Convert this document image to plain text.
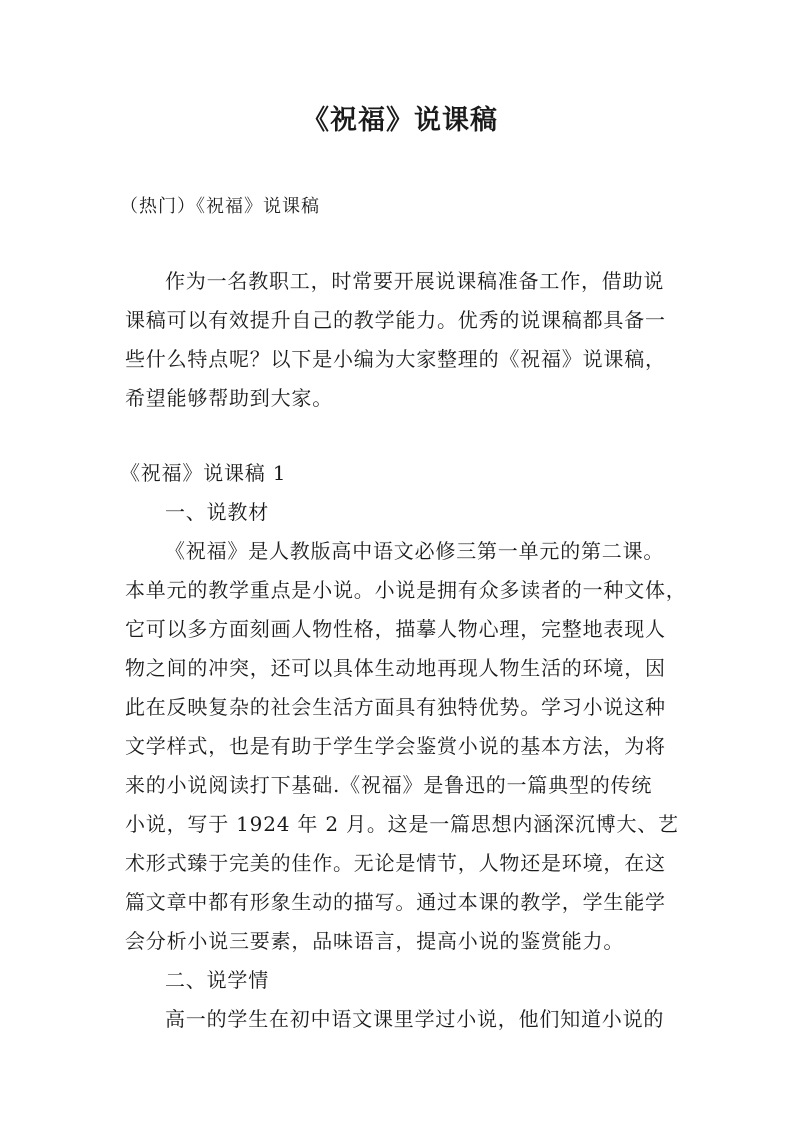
《祝福》说课稿
（热门）《祝福》说课稿
作为一名教职工，时常要开展说课稿准备工作，借助说
课稿可以有效提升自己的教学能力。优秀的说课稿都具备一
些什么特点呢？以下是小编为大家整理的《祝福》说课稿，
希望能够帮助到大家。
《祝福》说课稿 1
一、说教材
《祝福》是人教版高中语文必修三第一单元的第二课。
本单元的教学重点是小说。小说是拥有众多读者的一种文体，
它可以多方面刻画人物性格，描摹人物心理，完整地表现人
物之间的冲突，还可以具体生动地再现人物生活的环境，因
此在反映复杂的社会生活方面具有独特优势。学习小说这种
文学样式，也是有助于学生学会鉴赏小说的基本方法，为将
来的小说阅读打下基础.《祝福》是鲁迅的一篇典型的传统
小说，写于 1924 年 2 月。这是一篇思想内涵深沉博大、艺
术形式臻于完美的佳作。无论是情节，人物还是环境，在这
篇文章中都有形象生动的描写。通过本课的教学，学生能学
会分析小说三要素，品味语言，提高小说的鉴赏能力。
二、说学情
高一的学生在初中语文课里学过小说，他们知道小说的
